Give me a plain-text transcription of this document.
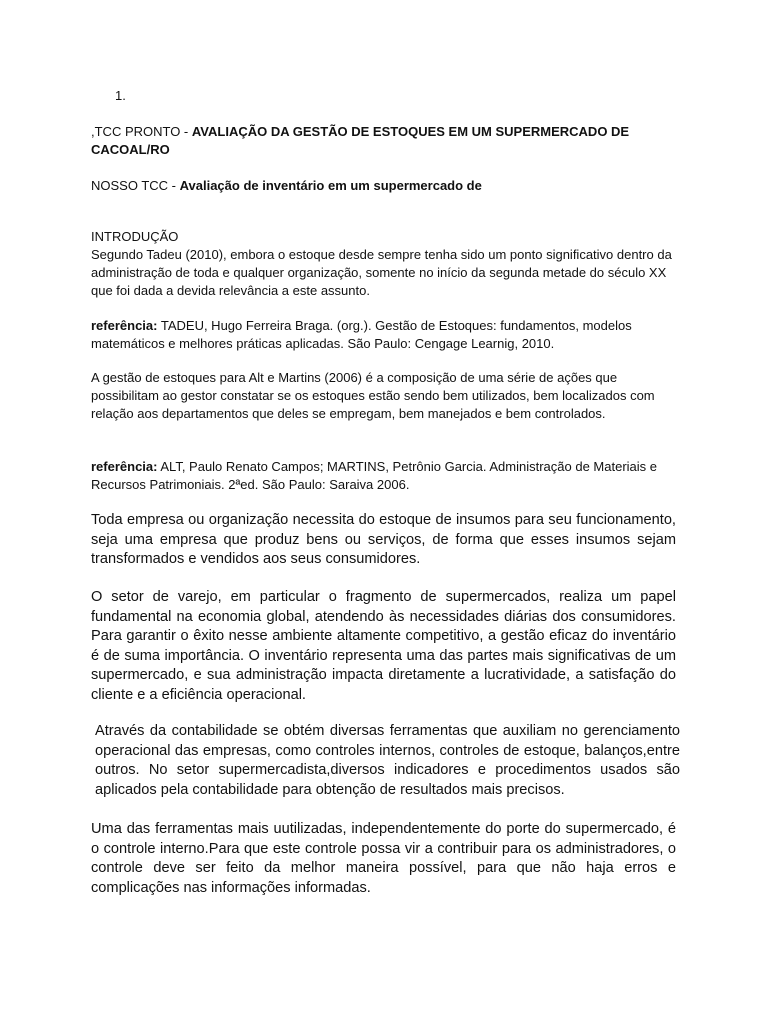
1.

,TCC PRONTO - AVALIAÇÃO DA GESTÃO DE ESTOQUES EM UM SUPERMERCADO DE CACOAL/RO

NOSSO TCC - Avaliação de inventário em um supermercado de

INTRODUÇÃO
Segundo Tadeu (2010), embora o estoque desde sempre tenha sido um ponto significativo dentro da administração de toda e qualquer organização, somente no início da segunda metade do século XX que foi dada a devida relevância a este assunto.

referência: TADEU, Hugo Ferreira Braga. (org.). Gestão de Estoques: fundamentos, modelos matemáticos e melhores práticas aplicadas. São Paulo: Cengage Learnig, 2010.

A gestão de estoques para Alt e Martins (2006) é a composição de uma série de ações que possibilitam ao gestor constatar se os estoques estão sendo bem utilizados, bem localizados com relação aos departamentos que deles se empregam, bem manejados e bem controlados.

referência: ALT, Paulo Renato Campos; MARTINS, Petrônio Garcia. Administração de Materiais e Recursos Patrimoniais. 2ªed. São Paulo: Saraiva 2006.

Toda empresa ou organização necessita do estoque de insumos para seu funcionamento, seja uma empresa que produz bens ou serviços, de forma que esses insumos sejam transformados e vendidos aos seus consumidores.

O setor de varejo, em particular o fragmento de supermercados, realiza um papel fundamental na economia global, atendendo às necessidades diárias dos consumidores. Para garantir o êxito nesse ambiente altamente competitivo, a gestão eficaz do inventário é de suma importância. O inventário representa uma das partes mais significativas de um supermercado, e sua administração impacta diretamente a lucratividade, a satisfação do cliente e a eficiência operacional.

Através da contabilidade se obtém diversas ferramentas que auxiliam no gerenciamento operacional das empresas, como controles internos, controles de estoque, balanços,entre outros. No setor supermercadista,diversos indicadores e procedimentos usados são aplicados pela contabilidade para obtenção de resultados mais precisos.

Uma das ferramentas mais uutilizadas, independentemente do porte do supermercado, é o controle interno.Para que este controle possa vir a contribuir para os administradores, o controle deve ser feito da melhor maneira possível, para que não haja erros e complicações nas informações informadas.
